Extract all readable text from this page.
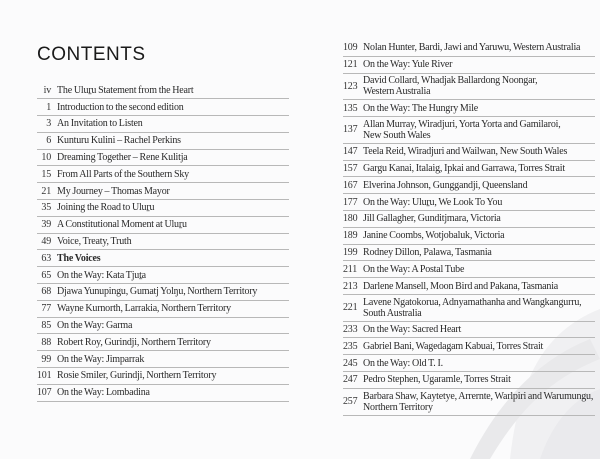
CONTENTS
iv The Uluṟu Statement from the Heart
1 Introduction to the second edition
3 An Invitation to Listen
6 Kunturu Kulini – Rachel Perkins
10 Dreaming Together – Rene Kulitja
15 From All Parts of the Southern Sky
21 My Journey – Thomas Mayor
35 Joining the Road to Uluṟu
39 A Constitutional Moment at Uluṟu
49 Voice, Treaty, Truth
63 The Voices
65 On the Way: Kata Tjuṯa
68 Djawa Yunupingu, Gumatj Yolŋu, Northern Territory
77 Wayne Kurnorth, Larrakia, Northern Territory
85 On the Way: Garma
88 Robert Roy, Gurindji, Northern Territory
99 On the Way: Jimparrak
101 Rosie Smiler, Gurindji, Northern Territory
107 On the Way: Lombadina
109 Nolan Hunter, Bardi, Jawi and Yaruwu, Western Australia
121 On the Way: Yule River
123 David Collard, Whadjak Ballardong Noongar,
Western Australia
135 On the Way: The Hungry Mile
137 Allan Murray, Wiradjuri, Yorta Yorta and Gamilaroi,
New South Wales
147 Teela Reid, Wiradjuri and Wailwan, New South Wales
157 Gargu Kanai, Italaig, Ipkai and Garrawa, Torres Strait
167 Elverina Johnson, Gunggandji, Queensland
177 On the Way: Uluṟu, We Look To You
180 Jill Gallagher, Gunditjmara, Victoria
189 Janine Coombs, Wotjobaluk, Victoria
199 Rodney Dillon, Palawa, Tasmania
211 On the Way: A Postal Tube
213 Darlene Mansell, Moon Bird and Pakana, Tasmania
221 Lavene Ngatokorua, Adnyamathanha and Wangkangurru,
South Australia
233 On the Way: Sacred Heart
235 Gabriel Bani, Wagedagam Kabuai, Torres Strait
245 On the Way: Old T. I.
247 Pedro Stephen, Ugaramle, Torres Strait
257 Barbara Shaw, Kaytetye, Arrernte, Warlpiri and Warumungu,
Northern Territory
